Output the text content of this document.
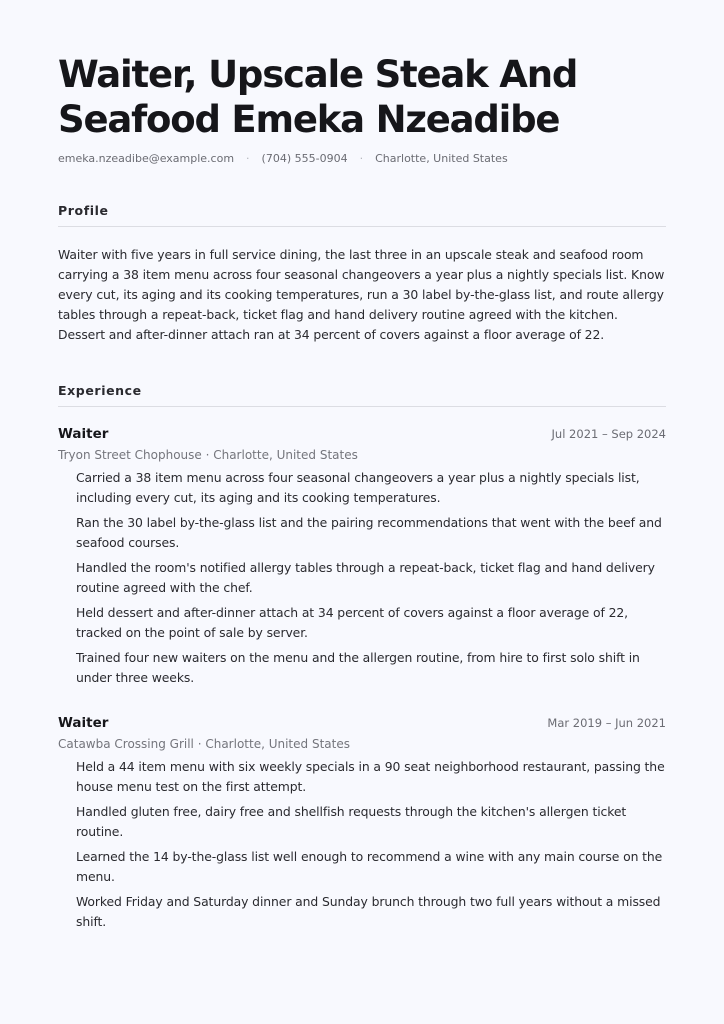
Waiter, Upscale Steak And Seafood Emeka Nzeadibe
emeka.nzeadibe@example.com · (704) 555-0904 · Charlotte, United States
Profile
Waiter with five years in full service dining, the last three in an upscale steak and seafood room carrying a 38 item menu across four seasonal changeovers a year plus a nightly specials list. Know every cut, its aging and its cooking temperatures, run a 30 label by-the-glass list, and route allergy tables through a repeat-back, ticket flag and hand delivery routine agreed with the kitchen. Dessert and after-dinner attach ran at 34 percent of covers against a floor average of 22.
Experience
Waiter	Jul 2021 – Sep 2024
Tryon Street Chophouse · Charlotte, United States
Carried a 38 item menu across four seasonal changeovers a year plus a nightly specials list, including every cut, its aging and its cooking temperatures.
Ran the 30 label by-the-glass list and the pairing recommendations that went with the beef and seafood courses.
Handled the room's notified allergy tables through a repeat-back, ticket flag and hand delivery routine agreed with the chef.
Held dessert and after-dinner attach at 34 percent of covers against a floor average of 22, tracked on the point of sale by server.
Trained four new waiters on the menu and the allergen routine, from hire to first solo shift in under three weeks.
Waiter	Mar 2019 – Jun 2021
Catawba Crossing Grill · Charlotte, United States
Held a 44 item menu with six weekly specials in a 90 seat neighborhood restaurant, passing the house menu test on the first attempt.
Handled gluten free, dairy free and shellfish requests through the kitchen's allergen ticket routine.
Learned the 14 by-the-glass list well enough to recommend a wine with any main course on the menu.
Worked Friday and Saturday dinner and Sunday brunch through two full years without a missed shift.
